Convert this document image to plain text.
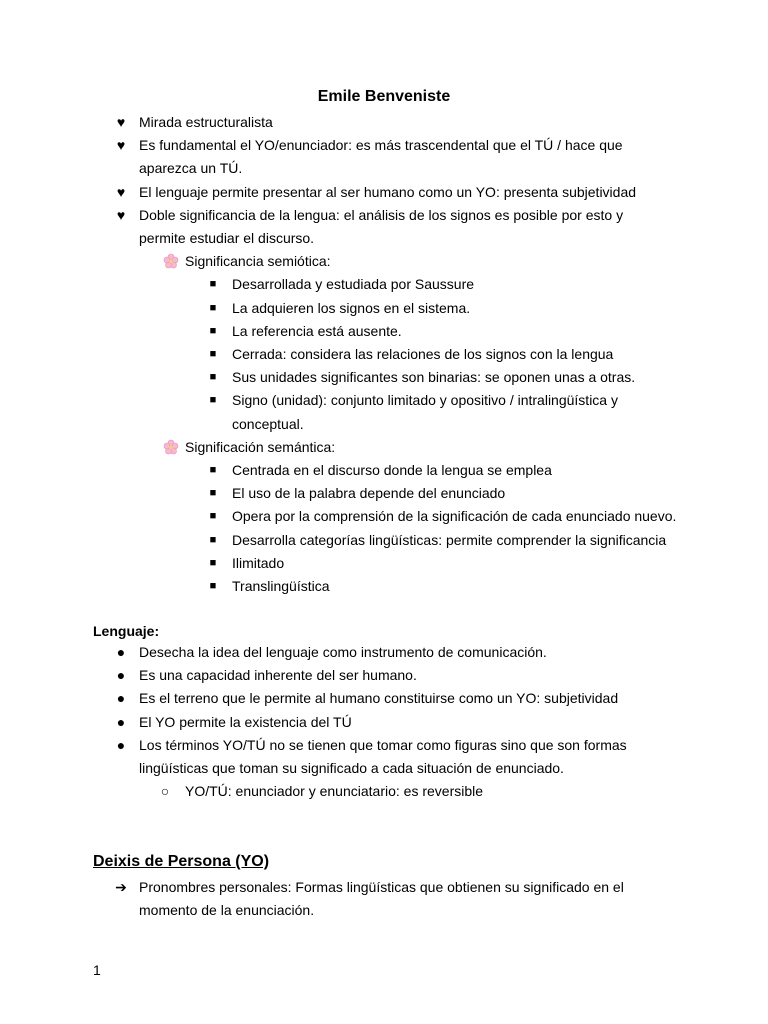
Emile Benveniste
♥ Mirada estructuralista
♥ Es fundamental el YO/enunciador: es más trascendental que el TÚ / hace que aparezca un TÚ.
♥ El lenguaje permite presentar al ser humano como un YO: presenta subjetividad
♥ Doble significancia de la lengua: el análisis de los signos es posible por esto y permite estudiar el discurso.
Significancia semiótica:
■ Desarrollada y estudiada por Saussure
■ La adquieren los signos en el sistema.
■ La referencia está ausente.
■ Cerrada: considera las relaciones de los signos con la lengua
■ Sus unidades significantes son binarias: se oponen unas a otras.
■ Signo (unidad): conjunto limitado y opositivo / intralingüística y conceptual.
Significación semántica:
■ Centrada en el discurso donde la lengua se emplea
■ El uso de la palabra depende del enunciado
■ Opera por la comprensión de la significación de cada enunciado nuevo.
■ Desarrolla categorías lingüísticas: permite comprender la significancia
■ Ilimitado
■ Translingüística
Lenguaje:
● Desecha la idea del lenguaje como instrumento de comunicación.
● Es una capacidad inherente del ser humano.
● Es el terreno que le permite al humano constituirse como un YO: subjetividad
● El YO permite la existencia del TÚ
● Los términos YO/TÚ no se tienen que tomar como figuras sino que son formas lingüísticas que toman su significado a cada situación de enunciado.
○ YO/TÚ: enunciador y enunciatario: es reversible
Deixis de Persona (YO)
➔ Pronombres personales: Formas lingüísticas que obtienen su significado en el momento de la enunciación.
1
